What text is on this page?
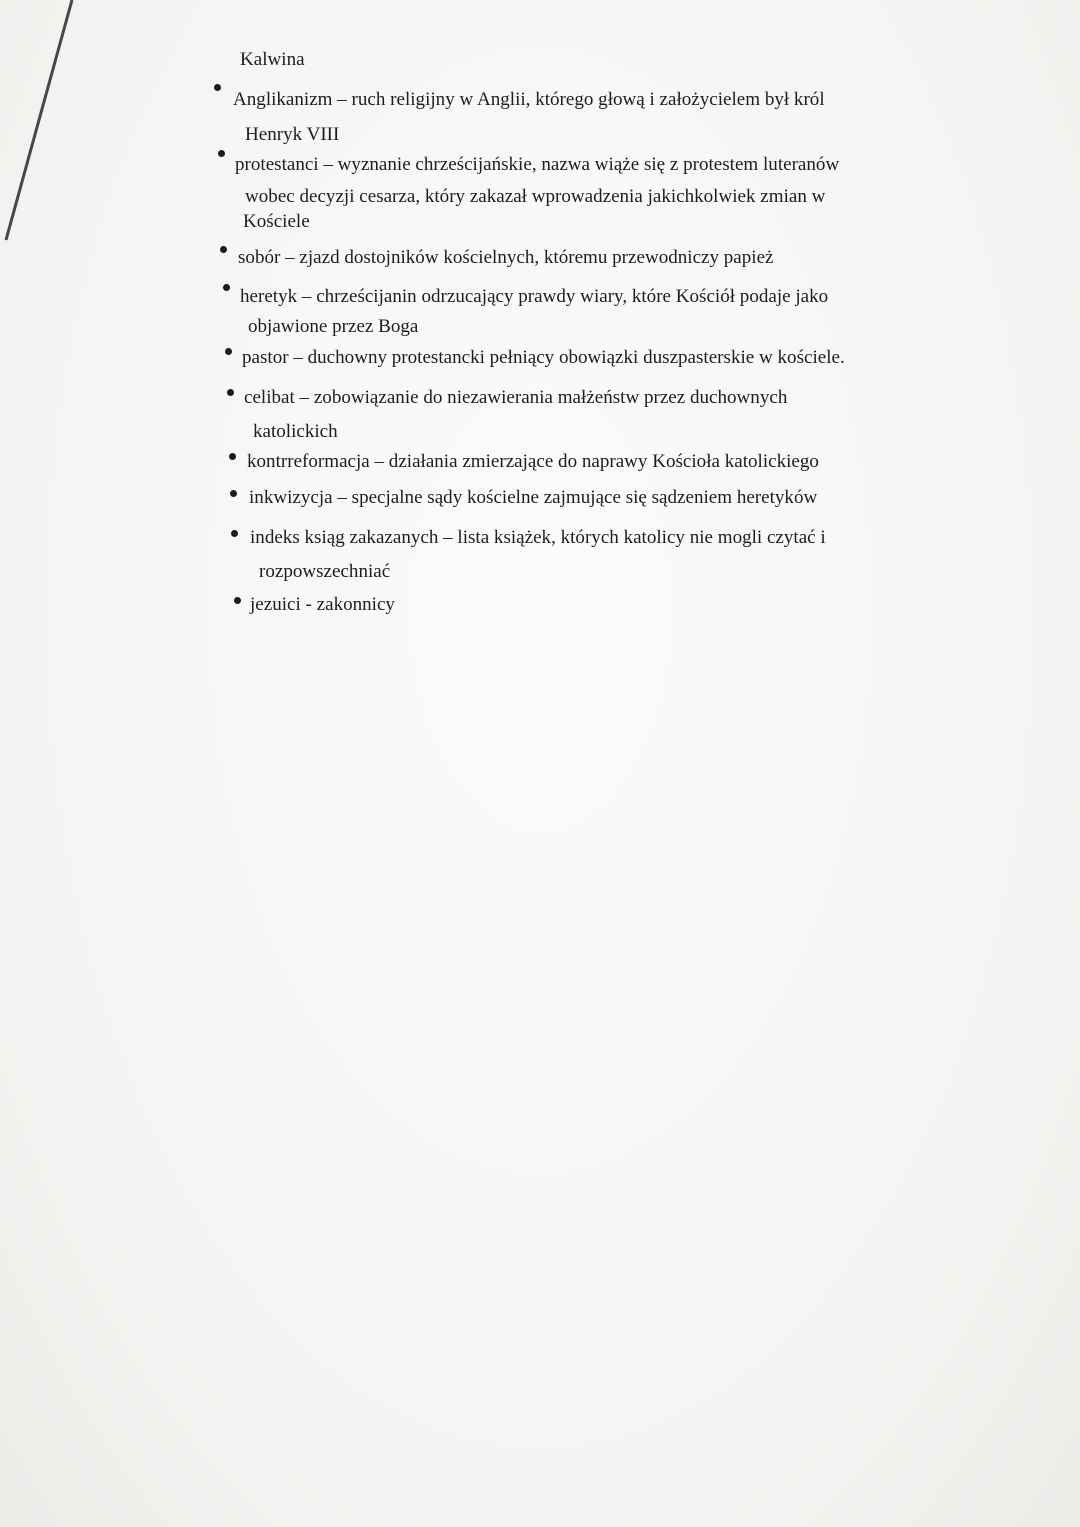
Kalwina
Anglikanizm – ruch religijny w Anglii, którego głową i założycielem był król
Henryk VIII
protestanci – wyznanie chrześcijańskie, nazwa wiąże się z protestem luteranów
wobec decyzji cesarza, który zakazał wprowadzenia jakichkolwiek zmian w
Kościele
sobór – zjazd dostojników kościelnych, któremu przewodniczy papież
heretyk – chrześcijanin odrzucający prawdy wiary, które Kościół podaje jako
objawione przez Boga
pastor – duchowny protestancki pełniący obowiązki duszpasterskie w kościele.
celibat – zobowiązanie do niezawierania małżeństw przez duchownych
katolickich
kontrreformacja – działania zmierzające do naprawy Kościoła katolickiego
inkwizycja – specjalne sądy kościelne zajmujące się sądzeniem heretyków
indeks ksiąg zakazanych – lista książek, których katolicy nie mogli czytać i
rozpowszechniać
jezuici - zakonnicy
